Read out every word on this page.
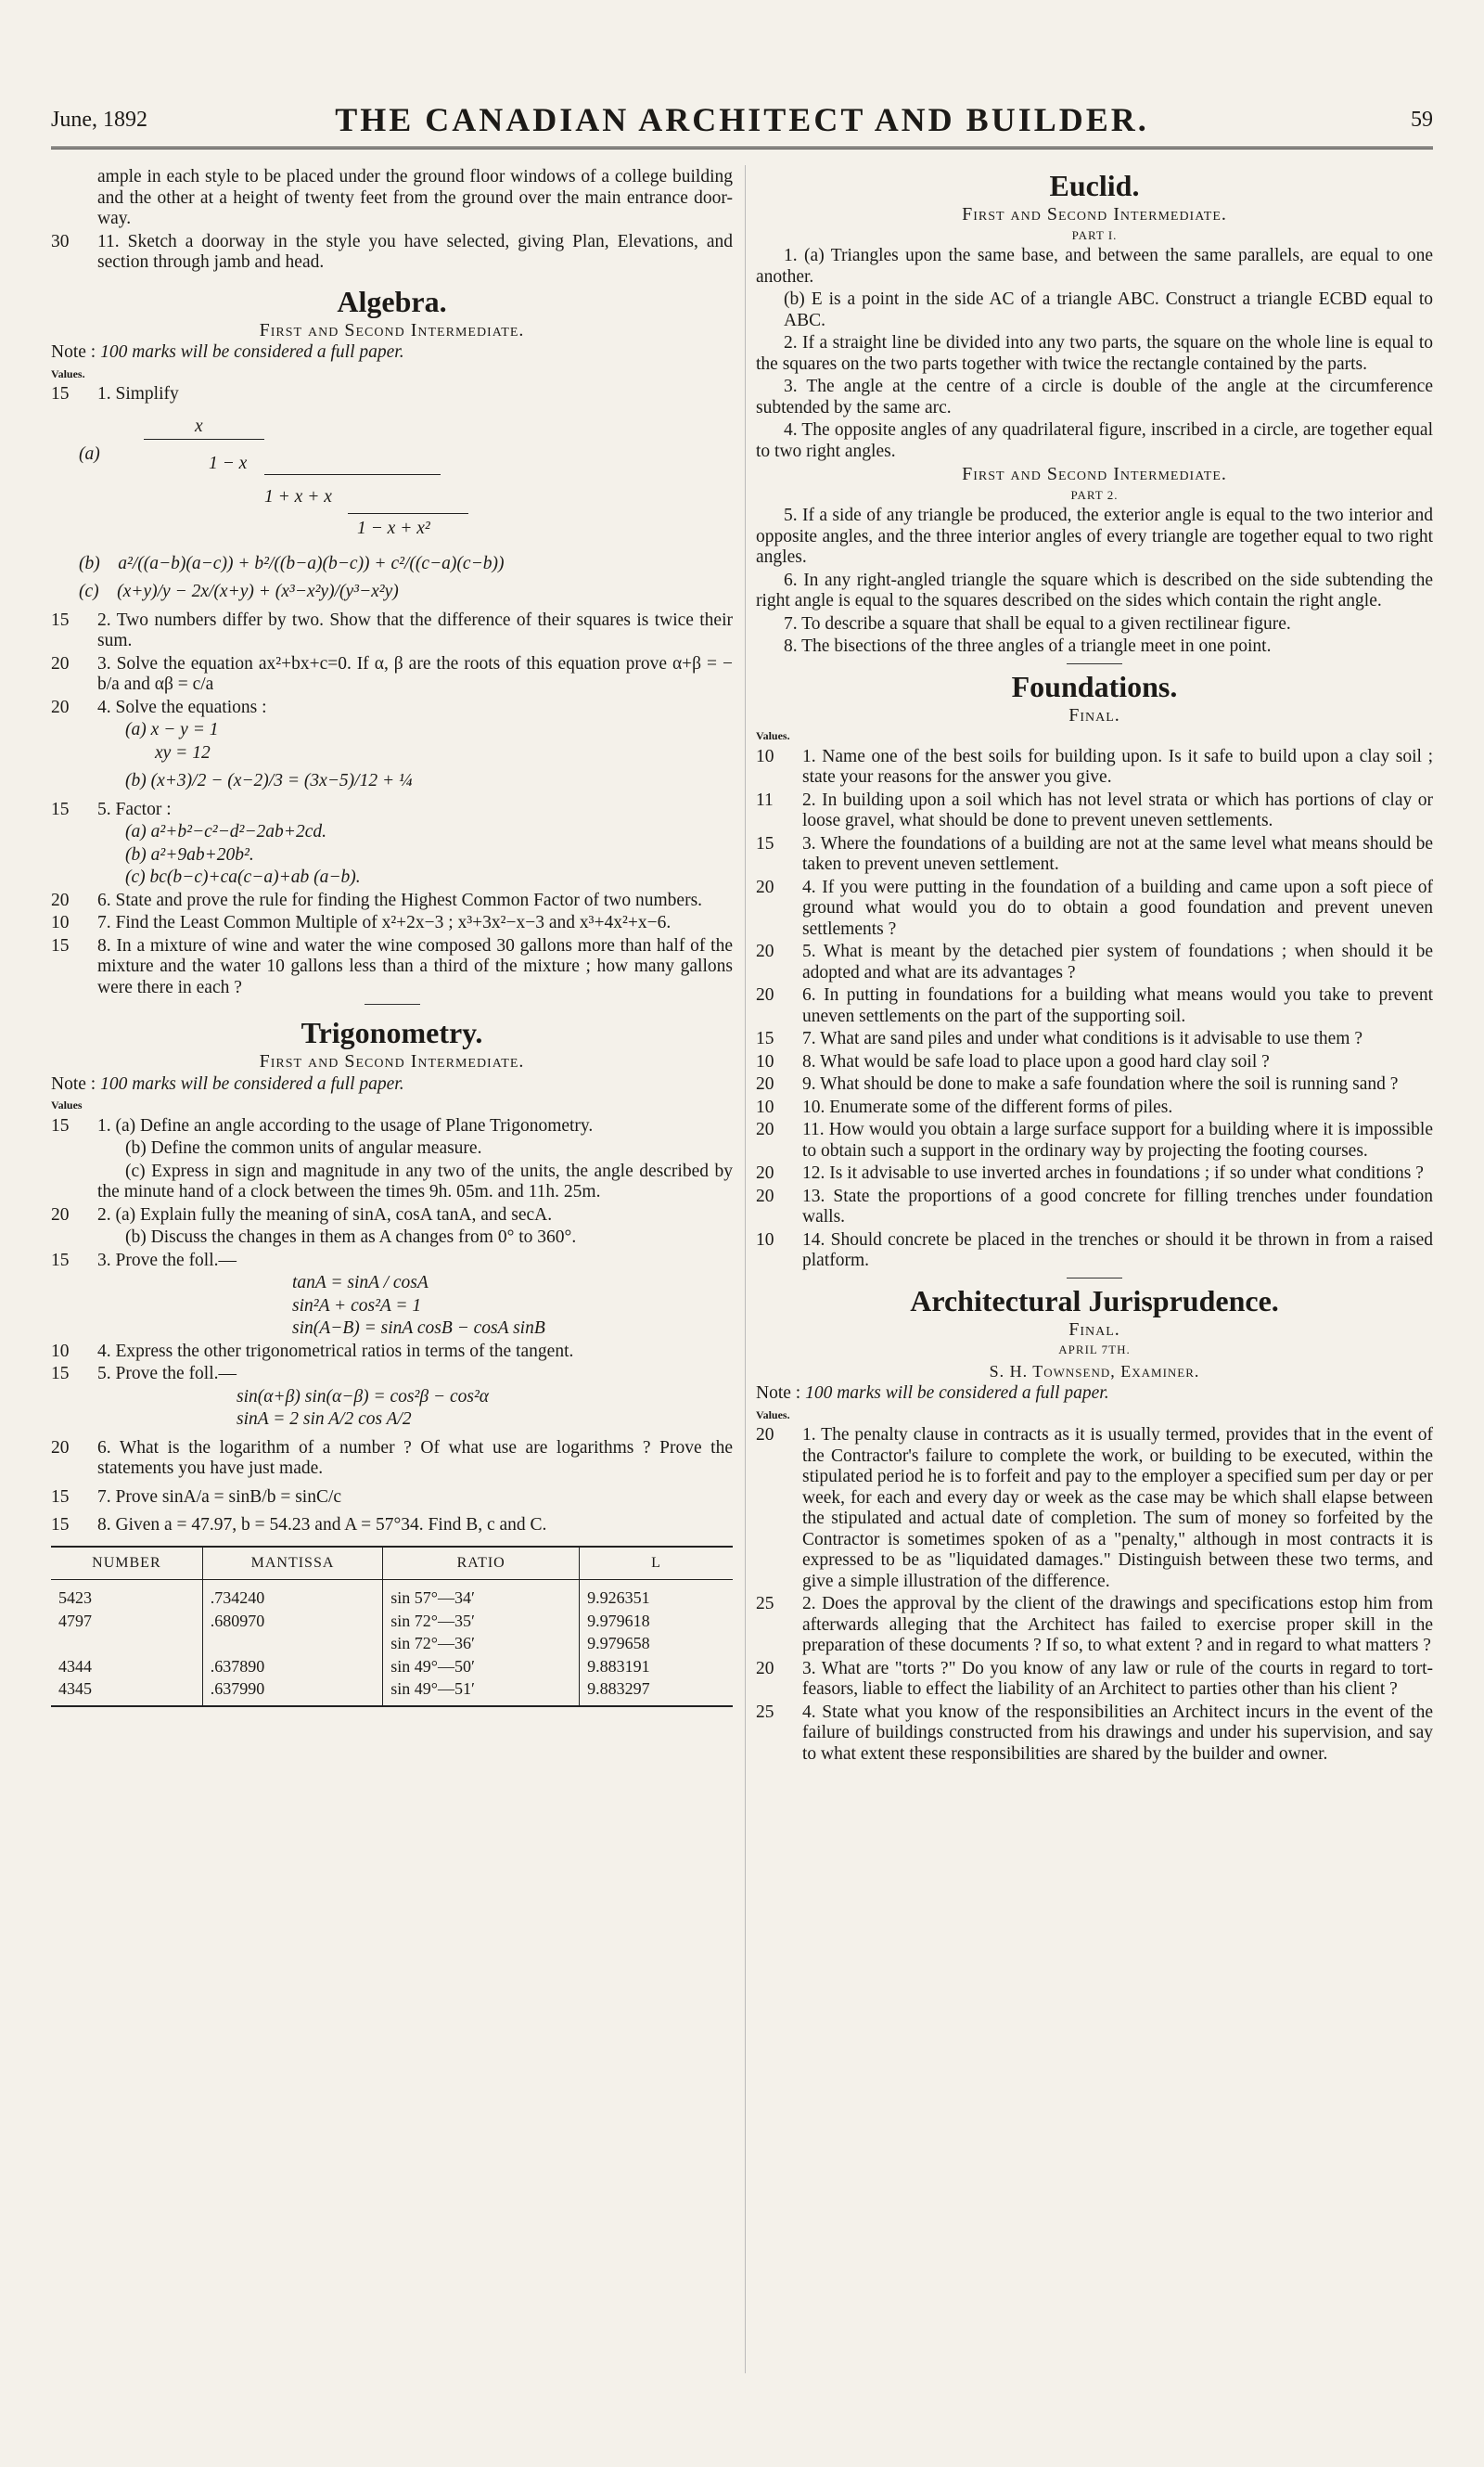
June, 1892	THE CANADIAN ARCHITECT AND BUILDER.	59

ample in each style to be placed under the ground floor windows of a college building and the other at a height of twenty feet from the ground over the main entrance door-way.

30	11. Sketch a doorway in the style you have selected, giving Plan, Elevations, and section through jamb and head.

Algebra.

First and Second Intermediate.

Note : 100 marks will be considered a full paper.

Values.

15	1. Simplify

(a)
x
1 − x
1 + x + x
1 − x + x²

(b) a²/((a−b)(a−c)) + b²/((b−a)(b−c)) + c²/((c−a)(c−b))

(c) (x+y)/y − 2x/(x+y) + (x³−x²y)/(y³−x²y)

15	2. Two numbers differ by two. Show that the difference of their squares is twice their sum.

20	3. Solve the equation ax²+bx+c=0. If α, β are the roots of this equation prove α+β = − b/a and αβ = c/a

20	4. Solve the equations :

(a) x − y = 1

xy = 12

(b) (x+3)/2 − (x−2)/3 = (3x−5)/12 + ¼

15	5. Factor :

(a) a²+b²−c²−d²−2ab+2cd.

(b) a²+9ab+20b².

(c) bc(b−c)+ca(c−a)+ab (a−b).

20	6. State and prove the rule for finding the Highest Common Factor of two numbers.

10	7. Find the Least Common Multiple of x²+2x−3 ; x³+3x²−x−3 and x³+4x²+x−6.

15	8. In a mixture of wine and water the wine composed 30 gallons more than half of the mixture and the water 10 gallons less than a third of the mixture ; how many gallons were there in each ?

Trigonometry.

First and Second Intermediate.

Note : 100 marks will be considered a full paper.

Values

15	1. (a) Define an angle according to the usage of Plane Trigonometry.

(b) Define the common units of angular measure.

(c) Express in sign and magnitude in any two of the units, the angle described by the minute hand of a clock between the times 9h. 05m. and 11h. 25m.

20	2. (a) Explain fully the meaning of sinA, cosA tanA, and secA.

(b) Discuss the changes in them as A changes from 0° to 360°.

15	3. Prove the foll.—

tanA = sinA / cosA

sin²A + cos²A = 1

sin(A−B) = sinA cosB − cosA sinB

10	4. Express the other trigonometrical ratios in terms of the tangent.

15	5. Prove the foll.—

sin(α+β) sin(α−β) = cos²β − cos²α

sinA = 2 sin A/2 cos A/2

20	6. What is the logarithm of a number ? Of what use are logarithms ? Prove the statements you have just made.

15	7. Prove sinA/a = sinB/b = sinC/c

15	8. Given a = 47.97, b = 54.23 and A = 57°34. Find B, c and C.

NUMBER	MANTISSA	RATIO	L
5423	.734240	sin 57°—34′	9.926351
4797	.680970	sin 72°—35′	9.979618
		sin 72°—36′	9.979658
4344	.637890	sin 49°—50′	9.883191
4345	.637990	sin 49°—51′	9.883297
Euclid.

First and Second Intermediate.

PART I.

1. (a) Triangles upon the same base, and between the same parallels, are equal to one another.

(b) E is a point in the side AC of a triangle ABC. Construct a triangle ECBD equal to ABC.

2. If a straight line be divided into any two parts, the square on the whole line is equal to the squares on the two parts together with twice the rectangle contained by the parts.

3. The angle at the centre of a circle is double of the angle at the circumference subtended by the same arc.

4. The opposite angles of any quadrilateral figure, inscribed in a circle, are together equal to two right angles.

First and Second Intermediate.

PART 2.

5. If a side of any triangle be produced, the exterior angle is equal to the two interior and opposite angles, and the three interior angles of every triangle are together equal to two right angles.

6. In any right-angled triangle the square which is described on the side subtending the right angle is equal to the squares described on the sides which contain the right angle.

7. To describe a square that shall be equal to a given rectilinear figure.

8. The bisections of the three angles of a triangle meet in one point.

Foundations.

Final.

Values.

10	1. Name one of the best soils for building upon. Is it safe to build upon a clay soil ; state your reasons for the answer you give.

11	2. In building upon a soil which has not level strata or which has portions of clay or loose gravel, what should be done to prevent uneven settlements.

15	3. Where the foundations of a building are not at the same level what means should be taken to prevent uneven settlement.

20	4. If you were putting in the foundation of a building and came upon a soft piece of ground what would you do to obtain a good foundation and prevent uneven settlements ?

20	5. What is meant by the detached pier system of foundations ; when should it be adopted and what are its advantages ?

20	6. In putting in foundations for a building what means would you take to prevent uneven settlements on the part of the supporting soil.

15	7. What are sand piles and under what conditions is it advisable to use them ?

10	8. What would be safe load to place upon a good hard clay soil ?

20	9. What should be done to make a safe foundation where the soil is running sand ?

10	10. Enumerate some of the different forms of piles.

20	11. How would you obtain a large surface support for a building where it is impossible to obtain such a support in the ordinary way by projecting the footing courses.

20	12. Is it advisable to use inverted arches in foundations ; if so under what conditions ?

20	13. State the proportions of a good concrete for filling trenches under foundation walls.

10	14. Should concrete be placed in the trenches or should it be thrown in from a raised platform.

Architectural Jurisprudence.

Final.

APRIL 7TH.

S. H. Townsend, Examiner.

Note : 100 marks will be considered a full paper.

Values.

20	1. The penalty clause in contracts as it is usually termed, provides that in the event of the Contractor's failure to complete the work, or building to be executed, within the stipulated period he is to forfeit and pay to the employer a specified sum per day or per week, for each and every day or week as the case may be which shall elapse between the stipulated and actual date of completion. The sum of money so forfeited by the Contractor is sometimes spoken of as a "penalty," although in most contracts it is expressed to be as "liquidated damages." Distinguish between these two terms, and give a simple illustration of the difference.

25	2. Does the approval by the client of the drawings and specifications estop him from afterwards alleging that the Architect has failed to exercise proper skill in the preparation of these documents ? If so, to what extent ? and in regard to what matters ?

20	3. What are "torts ?" Do you know of any law or rule of the courts in regard to tort-feasors, liable to effect the liability of an Architect to parties other than his client ?

25	4. State what you know of the responsibilities an Architect incurs in the event of the failure of buildings constructed from his drawings and under his supervision, and say to what extent these responsibilities are shared by the builder and owner.
